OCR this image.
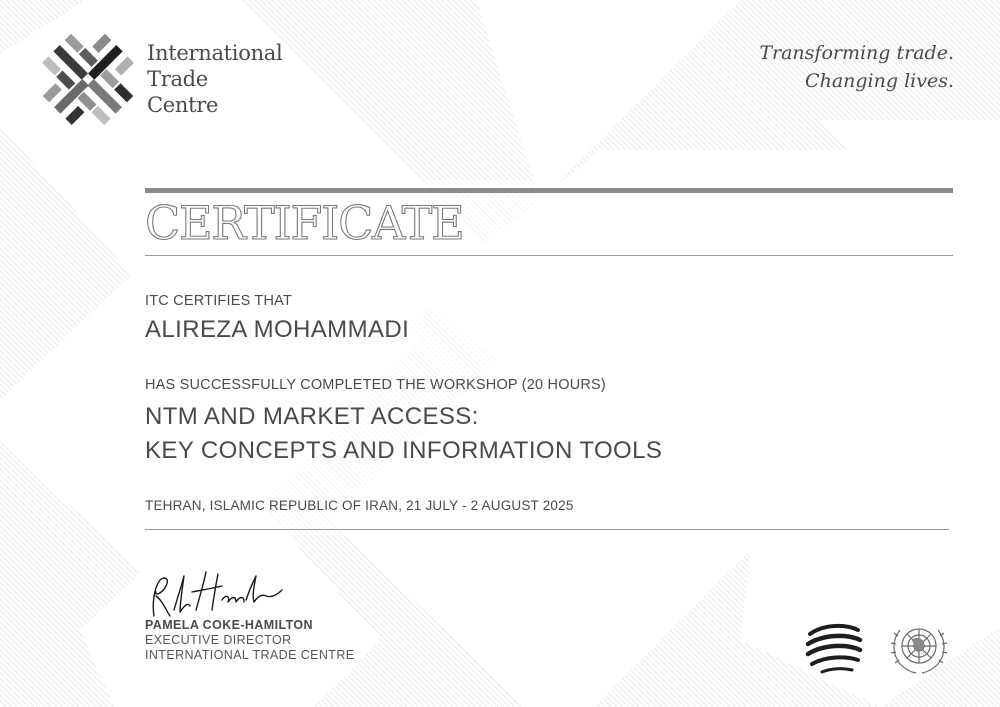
International
Trade
Centre
Transforming trade.
Changing lives.
CERTIFICATE
ITC CERTIFIES THAT
ALIREZA MOHAMMADI
HAS SUCCESSFULLY COMPLETED THE WORKSHOP (20 HOURS)
NTM AND MARKET ACCESS:
KEY CONCEPTS AND INFORMATION TOOLS
TEHRAN, ISLAMIC REPUBLIC OF IRAN, 21 JULY - 2 AUGUST 2025
PAMELA COKE-HAMILTON
EXECUTIVE DIRECTOR
INTERNATIONAL TRADE CENTRE
